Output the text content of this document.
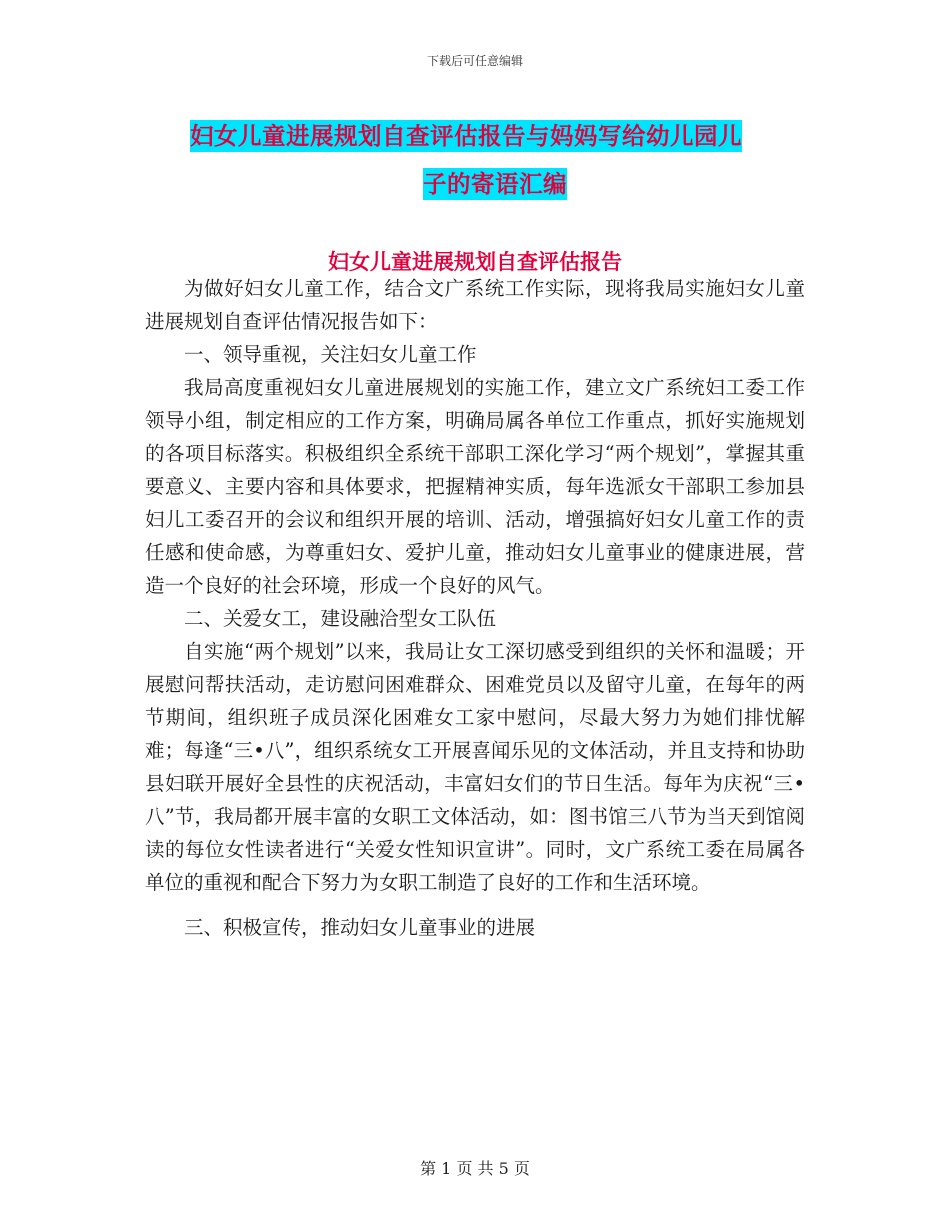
下载后可任意编辑
妇女儿童进展规划自查评估报告与妈妈写给幼儿园儿
子的寄语汇编
妇女儿童进展规划自查评估报告

为做好妇女儿童工作，结合文广系统工作实际，现将我局实施妇女儿童进展规划自查评估情况报告如下：

一、领导重视，关注妇女儿童工作

我局高度重视妇女儿童进展规划的实施工作，建立文广系统妇工委工作领导小组，制定相应的工作方案，明确局属各单位工作重点，抓好实施规划的各项目标落实。积极组织全系统干部职工深化学习“两个规划”，掌握其重要意义、主要内容和具体要求，把握精神实质，每年选派女干部职工参加县妇儿工委召开的会议和组织开展的培训、活动，增强搞好妇女儿童工作的责任感和使命感，为尊重妇女、爱护儿童，推动妇女儿童事业的健康进展，营造一个良好的社会环境，形成一个良好的风气。

二、关爱女工，建设融洽型女工队伍

自实施“两个规划”以来，我局让女工深切感受到组织的关怀和温暖；开展慰问帮扶活动，走访慰问困难群众、困难党员以及留守儿童，在每年的两节期间，组织班子成员深化困难女工家中慰问，尽最大努力为她们排忧解难；每逢“三•八”，组织系统女工开展喜闻乐见的文体活动，并且支持和协助县妇联开展好全县性的庆祝活动，丰富妇女们的节日生活。每年为庆祝“三•八”节，我局都开展丰富的女职工文体活动，如：图书馆三八节为当天到馆阅读的每位女性读者进行“关爱女性知识宣讲”。同时，文广系统工委在局属各单位的重视和配合下努力为女职工制造了良好的工作和生活环境。

三、积极宣传，推动妇女儿童事业的进展

第 1 页 共 5 页
